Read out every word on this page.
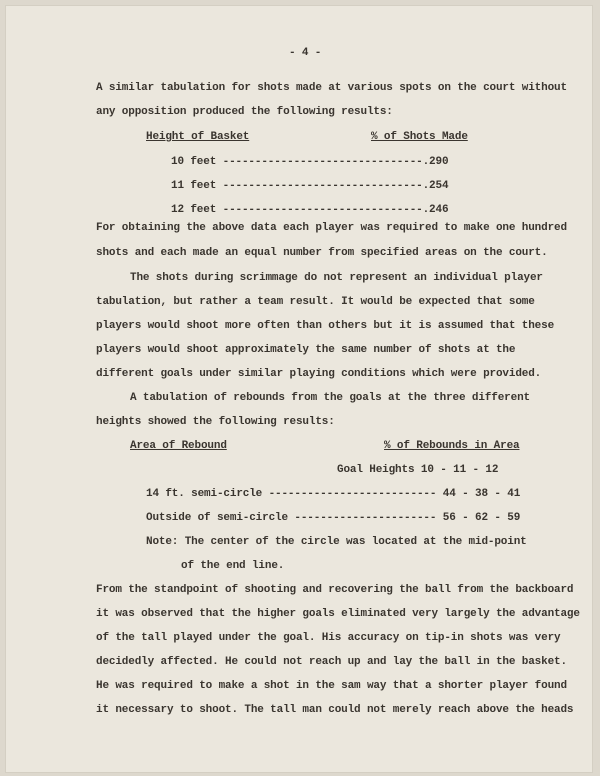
- 4 -
A similar tabulation for shots made at various spots on the court without
any opposition produced the following results:
Height of Basket	% of Shots Made
10 feet -------------------------------.290
11 feet -------------------------------.254
12 feet -------------------------------.246
For obtaining the above data each player was required to make one hundred
shots and each made an equal number from specified areas on the court.
The shots during scrimmage do not represent an individual player
tabulation, but rather a team result. It would be expected that some
players would shoot more often than others but it is assumed that these
players would shoot approximately the same number of shots at the
different goals under similar playing conditions which were provided.
A tabulation of rebounds from the goals at the three different
heights showed the following results:
Area of Rebound	% of Rebounds in Area
Goal Heights 10 - 11 - 12
14 ft. semi-circle -------------------------- 44 - 38 - 41
Outside of semi-circle ---------------------- 56 - 62 - 59
Note: The center of the circle was located at the mid-point
of the end line.
From the standpoint of shooting and recovering the ball from the backboard
it was observed that the higher goals eliminated very largely the advantage
of the tall played under the goal. His accuracy on tip-in shots was very
decidedly affected. He could not reach up and lay the ball in the basket.
He was required to make a shot in the sam way that a shorter player found
it necessary to shoot. The tall man could not merely reach above the heads
